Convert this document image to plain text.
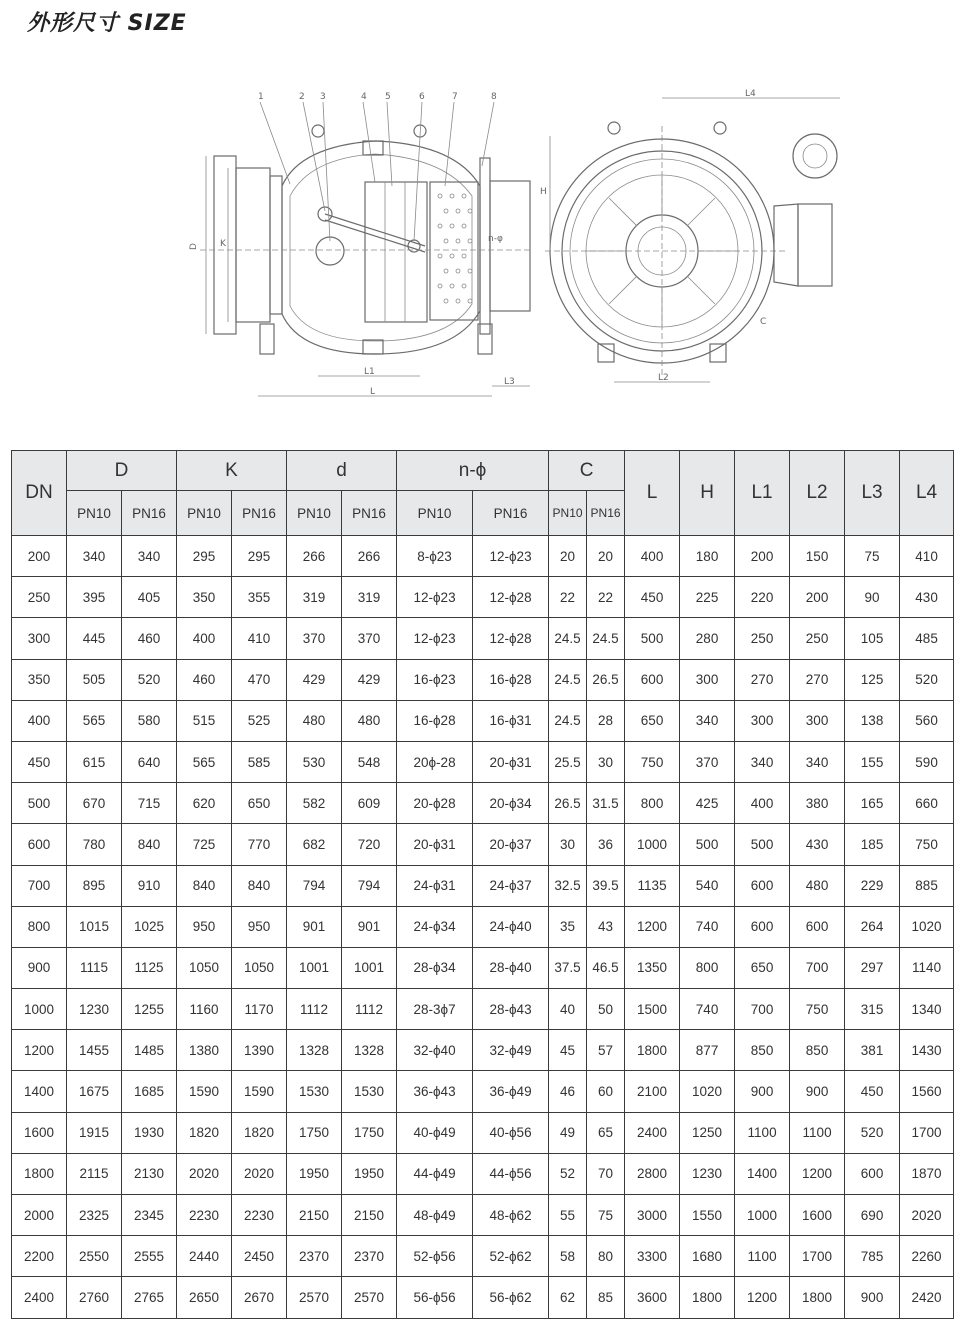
外形尺寸 SIZE
1	2 3	4 5	6	7	8
L1
L
L3
D K	n-φ
L2
L4
H
C
DN	D		K		d		n-ϕ		C		L	H	L1	L2	L3	L4
	PN10	PN16	PN10	PN16	PN10	PN16	PN10	PN16	PN10	PN16						
200	340	340	295	295	266	266	8-ϕ23	12-ϕ23	20	20	400	180	200	150	75	410
250	395	405	350	355	319	319	12-ϕ23	12-ϕ28	22	22	450	225	220	200	90	430
300	445	460	400	410	370	370	12-ϕ23	12-ϕ28	24.5	24.5	500	280	250	250	105	485
350	505	520	460	470	429	429	16-ϕ23	16-ϕ28	24.5	26.5	600	300	270	270	125	520
400	565	580	515	525	480	480	16-ϕ28	16-ϕ31	24.5	28	650	340	300	300	138	560
450	615	640	565	585	530	548	20ϕ-28	20-ϕ31	25.5	30	750	370	340	340	155	590
500	670	715	620	650	582	609	20-ϕ28	20-ϕ34	26.5	31.5	800	425	400	380	165	660
600	780	840	725	770	682	720	20-ϕ31	20-ϕ37	30	36	1000	500	500	430	185	750
700	895	910	840	840	794	794	24-ϕ31	24-ϕ37	32.5	39.5	1135	540	600	480	229	885
800	1015	1025	950	950	901	901	24-ϕ34	24-ϕ40	35	43	1200	740	600	600	264	1020
900	1115	1125	1050	1050	1001	1001	28-ϕ34	28-ϕ40	37.5	46.5	1350	800	650	700	297	1140
1000	1230	1255	1160	1170	1112	1112	28-3ϕ7	28-ϕ43	40	50	1500	740	700	750	315	1340
1200	1455	1485	1380	1390	1328	1328	32-ϕ40	32-ϕ49	45	57	1800	877	850	850	381	1430
1400	1675	1685	1590	1590	1530	1530	36-ϕ43	36-ϕ49	46	60	2100	1020	900	900	450	1560
1600	1915	1930	1820	1820	1750	1750	40-ϕ49	40-ϕ56	49	65	2400	1250	1100	1100	520	1700
1800	2115	2130	2020	2020	1950	1950	44-ϕ49	44-ϕ56	52	70	2800	1230	1400	1200	600	1870
2000	2325	2345	2230	2230	2150	2150	48-ϕ49	48-ϕ62	55	75	3000	1550	1000	1600	690	2020
2200	2550	2555	2440	2450	2370	2370	52-ϕ56	52-ϕ62	58	80	3300	1680	1100	1700	785	2260
2400	2760	2765	2650	2670	2570	2570	56-ϕ56	56-ϕ62	62	85	3600	1800	1200	1800	900	2420
